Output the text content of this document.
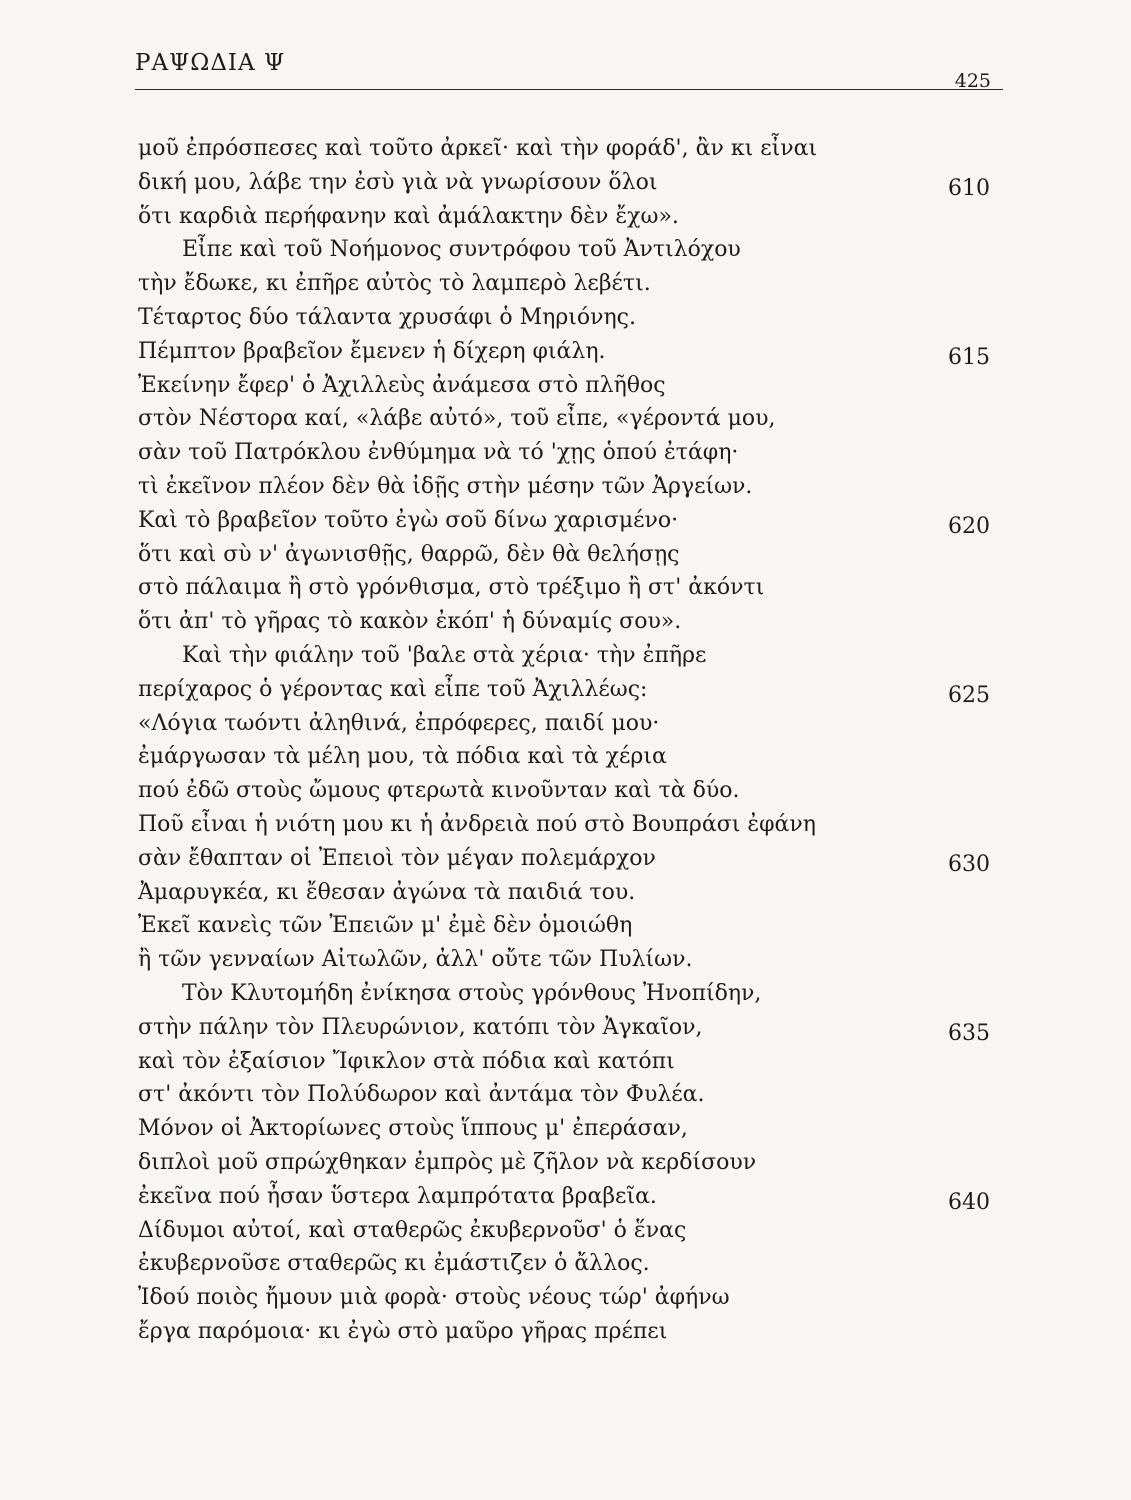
ΡΑΨΩΔΙΑ Ψ
425
μοῦ ἐπρόσπεσες καὶ τοῦτο ἀρκεῖ· καὶ τὴν φοράδ', ἂν κι εἶναι
δική μου, λάβε την ἐσὺ γιὰ νὰ γνωρίσουν ὅλοι	610
ὅτι καρδιὰ περήφανην καὶ ἀμάλακτην δὲν ἔχω».
Εἶπε καὶ τοῦ Νοήμονος συντρόφου τοῦ Ἀντιλόχου
τὴν ἔδωκε, κι ἐπῆρε αὐτὸς τὸ λαμπερὸ λεβέτι.
Τέταρτος δύο τάλαντα χρυσάφι ὁ Μηριόνης.
Πέμπτον βραβεῖον ἔμενεν ἡ δίχερη φιάλη.	615
Ἐκείνην ἔφερ' ὁ Ἀχιλλεὺς ἀνάμεσα στὸ πλῆθος
στὸν Νέστορα καί, «λάβε αὐτό», τοῦ εἶπε, «γέροντά μου,
σὰν τοῦ Πατρόκλου ἐνθύμημα νὰ τό 'χῃς ὁπού ἐτάφη·
τὶ ἐκεῖνον πλέον δὲν θὰ ἰδῇς στὴν μέσην τῶν Ἀργείων.
Καὶ τὸ βραβεῖον τοῦτο ἐγὼ σοῦ δίνω χαρισμένο·	620
ὅτι καὶ σὺ ν' ἀγωνισθῇς, θαρρῶ, δὲν θὰ θελήσῃς
στὸ πάλαιμα ἢ στὸ γρόνθισμα, στὸ τρέξιμο ἢ στ' ἀκόντι
ὅτι ἀπ' τὸ γῆρας τὸ κακὸν ἐκόπ' ἡ δύναμίς σου».
Καὶ τὴν φιάλην τοῦ 'βαλε στὰ χέρια· τὴν ἐπῆρε
περίχαρος ὁ γέροντας καὶ εἶπε τοῦ Ἀχιλλέως:	625
«Λόγια τωόντι ἀληθινά, ἐπρόφερες, παιδί μου·
ἐμάργωσαν τὰ μέλη μου, τὰ πόδια καὶ τὰ χέρια
πού ἐδῶ στοὺς ὤμους φτερωτὰ κινοῦνταν καὶ τὰ δύο.
Ποῦ εἶναι ἡ νιότη μου κι ἡ ἀνδρειὰ πού στὸ Βουπράσι ἐφάνη
σὰν ἔθαπταν οἱ Ἐπειοὶ τὸν μέγαν πολεμάρχον	630
Ἀμαρυγκέα, κι ἔθεσαν ἀγώνα τὰ παιδιά του.
Ἐκεῖ κανεὶς τῶν Ἐπειῶν μ' ἐμὲ δὲν ὁμοιώθη
ἢ τῶν γενναίων Αἰτωλῶν, ἀλλ' οὔτε τῶν Πυλίων.
Τὸν Κλυτομήδη ἐνίκησα στοὺς γρόνθους Ἠνοπίδην,
στὴν πάλην τὸν Πλευρώνιον, κατόπι τὸν Ἀγκαῖον,	635
καὶ τὸν ἐξαίσιον Ἴφικλον στὰ πόδια καὶ κατόπι
στ' ἀκόντι τὸν Πολύδωρον καὶ ἀντάμα τὸν Φυλέα.
Μόνον οἱ Ἀκτορίωνες στοὺς ἵππους μ' ἐπεράσαν,
διπλοὶ μοῦ σπρώχθηκαν ἐμπρὸς μὲ ζῆλον νὰ κερδίσουν
ἐκεῖνα πού ἦσαν ὕστερα λαμπρότατα βραβεῖα.	640
Δίδυμοι αὐτοί, καὶ σταθερῶς ἐκυβερνοῦσ' ὁ ἕνας
ἐκυβερνοῦσε σταθερῶς κι ἐμάστιζεν ὁ ἄλλος.
Ἰδού ποιὸς ἤμουν μιὰ φορὰ· στοὺς νέους τώρ' ἀφήνω
ἔργα παρόμοια· κι ἐγὼ στὸ μαῦρο γῆρας πρέπει
